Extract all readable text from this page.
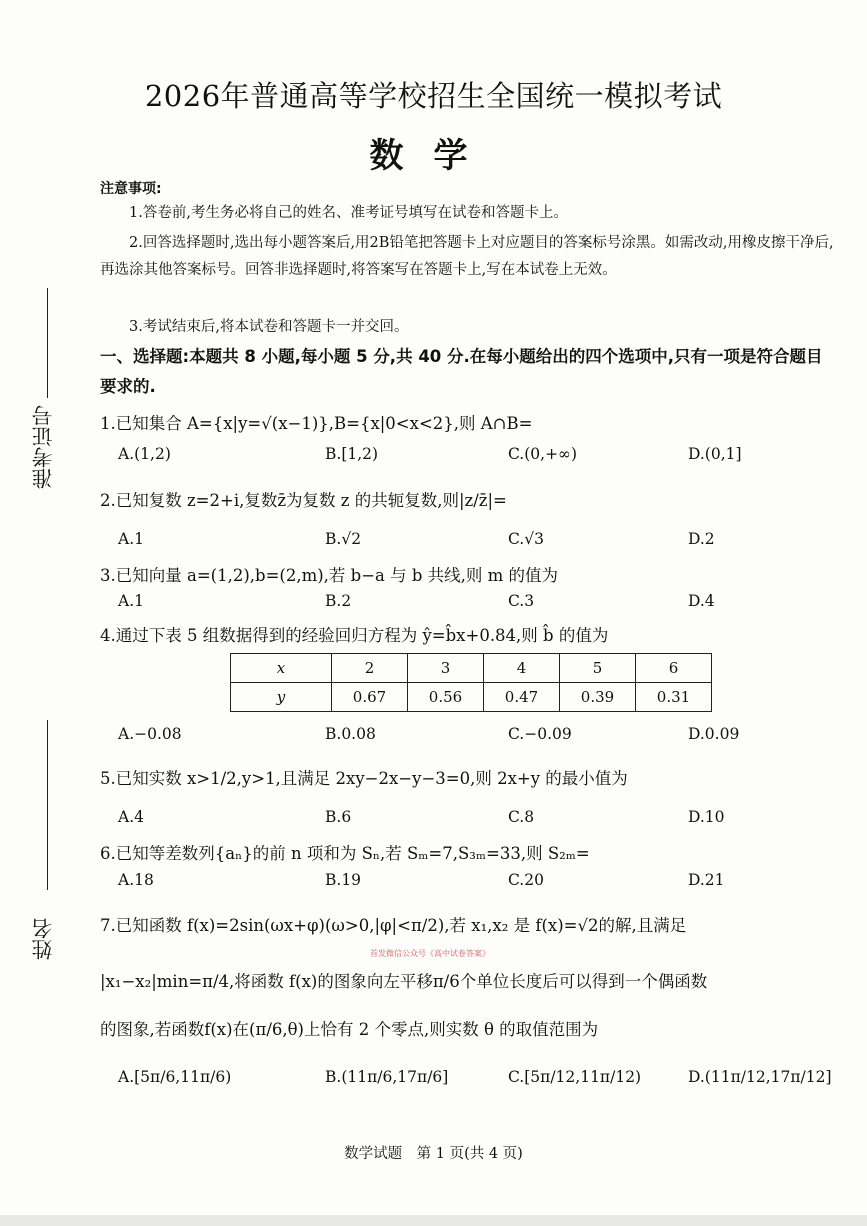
2026年普通高等学校招生全国统一模拟考试
数学
准考证号
姓名
注意事项:
1.答卷前,考生务必将自己的姓名、准考证号填写在试卷和答题卡上。
2.回答选择题时,选出每小题答案后,用2B铅笔把答题卡上对应题目的答案标号涂黑。如需改动,用橡皮擦干净后,再选涂其他答案标号。回答非选择题时,将答案写在答题卡上,写在本试卷上无效。
3.考试结束后,将本试卷和答题卡一并交回。
一、选择题:本题共 8 小题,每小题 5 分,共 40 分.在每小题给出的四个选项中,只有一项是符合题目要求的.
1.已知集合 A={x|y=√(x−1)},B={x|0<x<2},则 A∩B=
A.(1,2)	B.[1,2)	C.(0,+∞)	D.(0,1]
2.已知复数 z=2+i,复数z̄为复数 z 的共轭复数,则|z/z̄|=
A.1	B.√2	C.√3	D.2
3.已知向量 a=(1,2),b=(2,m),若 b−a 与 b 共线,则 m 的值为
A.1	B.2	C.3	D.4
4.通过下表 5 组数据得到的经验回归方程为 ŷ=b̂x+0.84,则 b̂ 的值为
x	2	3	4	5	6
y	0.67	0.56	0.47	0.39	0.31
A.−0.08	B.0.08	C.−0.09	D.0.09
5.已知实数 x>1/2,y>1,且满足 2xy−2x−y−3=0,则 2x+y 的最小值为
A.4	B.6	C.8	D.10
6.已知等差数列{aₙ}的前 n 项和为 Sₙ,若 Sₘ=7,S₃ₘ=33,则 S₂ₘ=
A.18	B.19	C.20	D.21
7.已知函数 f(x)=2sin(ωx+φ)(ω>0,|φ|<π/2),若 x₁,x₂ 是 f(x)=√2的解,且满足
首发微信公众号《高中试卷答案》
|x₁−x₂|min=π/4,将函数 f(x)的图象向左平移π/6个单位长度后可以得到一个偶函数
的图象,若函数f(x)在(π/6,θ)上恰有 2 个零点,则实数 θ 的取值范围为
A.[5π/6,11π/6)	B.(11π/6,17π/6]	C.[5π/12,11π/12)	D.(11π/12,17π/12]
数学试题　第 1 页(共 4 页)
